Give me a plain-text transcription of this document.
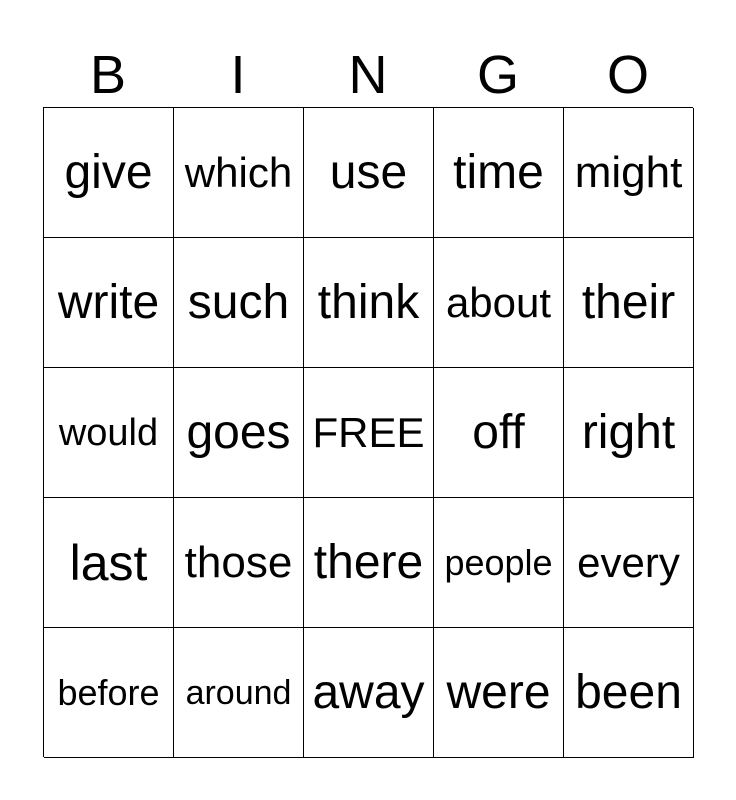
B	I	N	G	O
give which use time might
write such think about their
would goes FREE off right
last those there people every
before around away were been
